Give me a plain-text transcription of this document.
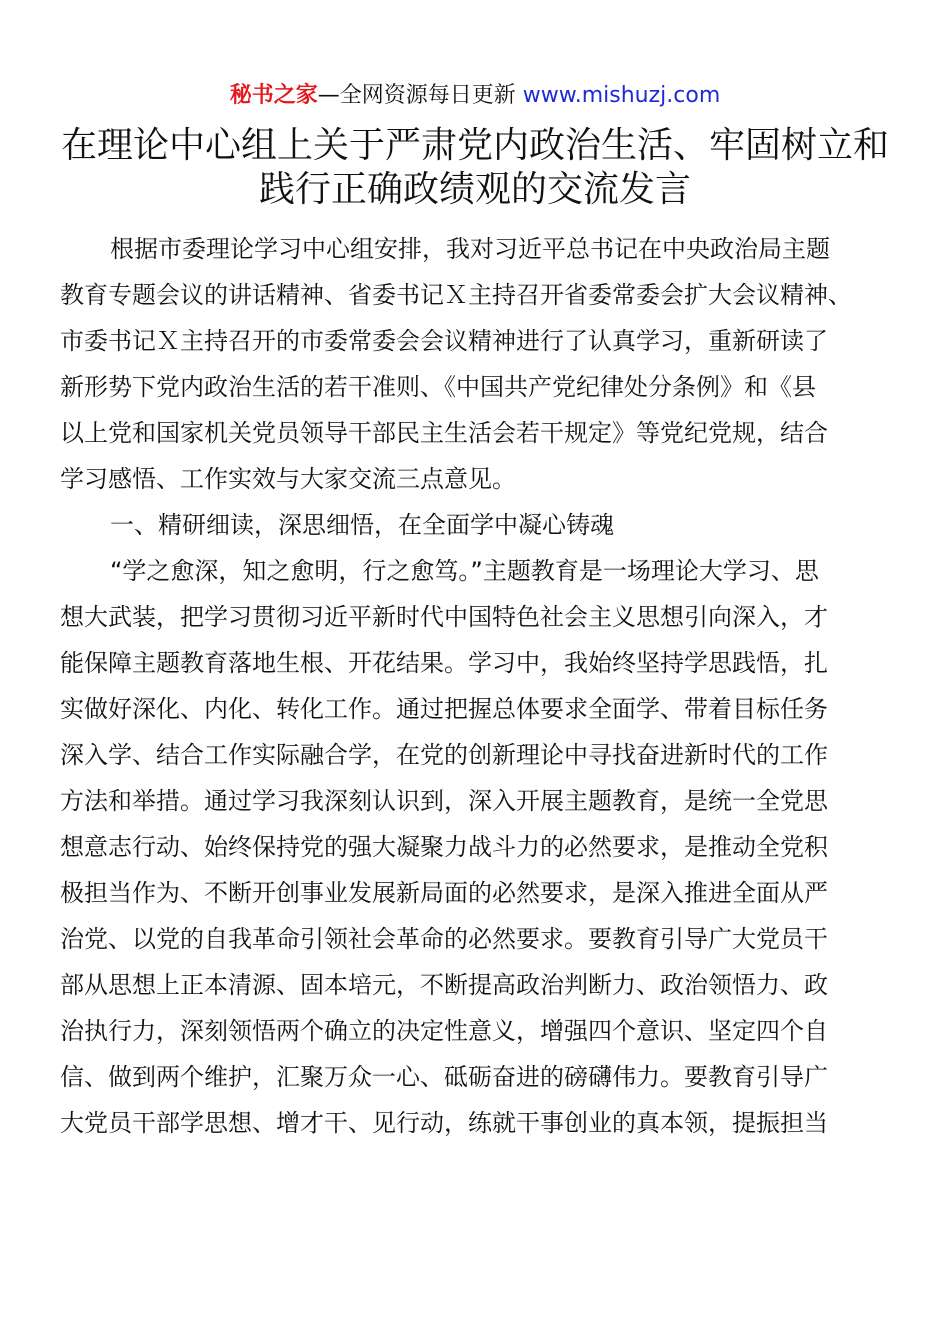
秘书之家—全网资源每日更新 www.mishuzj.com
在理论中心组上关于严肃党内政治生活、牢固树立和
践行正确政绩观的交流发言
根据市委理论学习中心组安排，我对习近平总书记在中央政治局主题
教育专题会议的讲话精神、省委书记Ｘ主持召开省委常委会扩大会议精神、
市委书记Ｘ主持召开的市委常委会会议精神进行了认真学习，重新研读了
新形势下党内政治生活的若干准则、《中国共产党纪律处分条例》和《县
以上党和国家机关党员领导干部民主生活会若干规定》等党纪党规，结合
学习感悟、工作实效与大家交流三点意见。
一、精研细读，深思细悟，在全面学中凝心铸魂
“学之愈深，知之愈明，行之愈笃。”主题教育是一场理论大学习、思
想大武装，把学习贯彻习近平新时代中国特色社会主义思想引向深入，才
能保障主题教育落地生根、开花结果。学习中，我始终坚持学思践悟，扎
实做好深化、内化、转化工作。通过把握总体要求全面学、带着目标任务
深入学、结合工作实际融合学，在党的创新理论中寻找奋进新时代的工作
方法和举措。通过学习我深刻认识到，深入开展主题教育，是统一全党思
想意志行动、始终保持党的强大凝聚力战斗力的必然要求，是推动全党积
极担当作为、不断开创事业发展新局面的必然要求，是深入推进全面从严
治党、以党的自我革命引领社会革命的必然要求。要教育引导广大党员干
部从思想上正本清源、固本培元，不断提高政治判断力、政治领悟力、政
治执行力，深刻领悟两个确立的决定性意义，增强四个意识、坚定四个自
信、做到两个维护，汇聚万众一心、砥砺奋进的磅礴伟力。要教育引导广
大党员干部学思想、增才干、见行动，练就干事创业的真本领，提振担当
